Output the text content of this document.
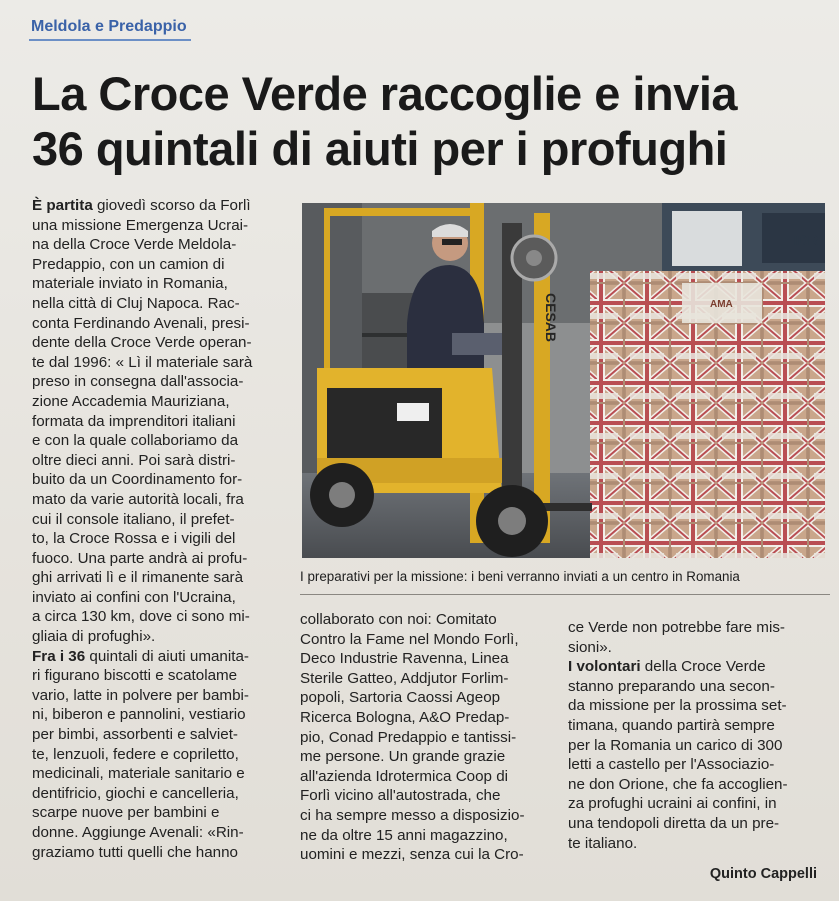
Meldola e Predappio
La Croce Verde raccoglie e invia
36 quintali di aiuti per i profughi
È partita giovedì scorso da Forlì
una missione Emergenza Ucrai-
na della Croce Verde Meldola-
Predappio, con un camion di
materiale inviato in Romania,
nella città di Cluj Napoca. Rac-
conta Ferdinando Avenali, presi-
dente della Croce Verde operan-
te dal 1996: « Lì il materiale sarà
preso in consegna dall'associa-
zione Accademia Mauriziana,
formata da imprenditori italiani
e con la quale collaboriamo da
oltre dieci anni. Poi sarà distri-
buito da un Coordinamento for-
mato da varie autorità locali, fra
cui il console italiano, il prefet-
to, la Croce Rossa e i vigili del
fuoco. Una parte andrà ai profu-
ghi arrivati lì e il rimanente sarà
inviato ai confini con l'Ucraina,
a circa 130 km, dove ci sono mi-
gliaia di profughi».
Fra i 36 quintali di aiuti umanita-
ri figurano biscotti e scatolame
vario, latte in polvere per bambi-
ni, biberon e pannolini, vestiario
per bimbi, assorbenti e salviet-
te, lenzuoli, federe e copriletto,
medicinali, materiale sanitario e
dentifricio, giochi e cancelleria,
scarpe nuove per bambini e
donne. Aggiunge Avenali: «Rin-
graziamo tutti quelli che hanno
IDR
AMA
CESAB
I preparativi per la missione: i beni verranno inviati a un centro in Romania
collaborato con noi: Comitato
Contro la Fame nel Mondo Forlì,
Deco Industrie Ravenna, Linea
Sterile Gatteo, Addjutor Forlim-
popoli, Sartoria Caossi Ageop
Ricerca Bologna, A&O Predap-
pio, Conad Predappio e tantissi-
me persone. Un grande grazie
all'azienda Idrotermica Coop di
Forlì vicino all'autostrada, che
ci ha sempre messo a disposizio-
ne da oltre 15 anni magazzino,
uomini e mezzi, senza cui la Cro-
ce Verde non potrebbe fare mis-
sioni».
I volontari della Croce Verde
stanno preparando una secon-
da missione per la prossima set-
timana, quando partirà sempre
per la Romania un carico di 300
letti a castello per l'Associazio-
ne don Orione, che fa accoglien-
za profughi ucraini ai confini, in
una tendopoli diretta da un pre-
te italiano.
Quinto Cappelli
